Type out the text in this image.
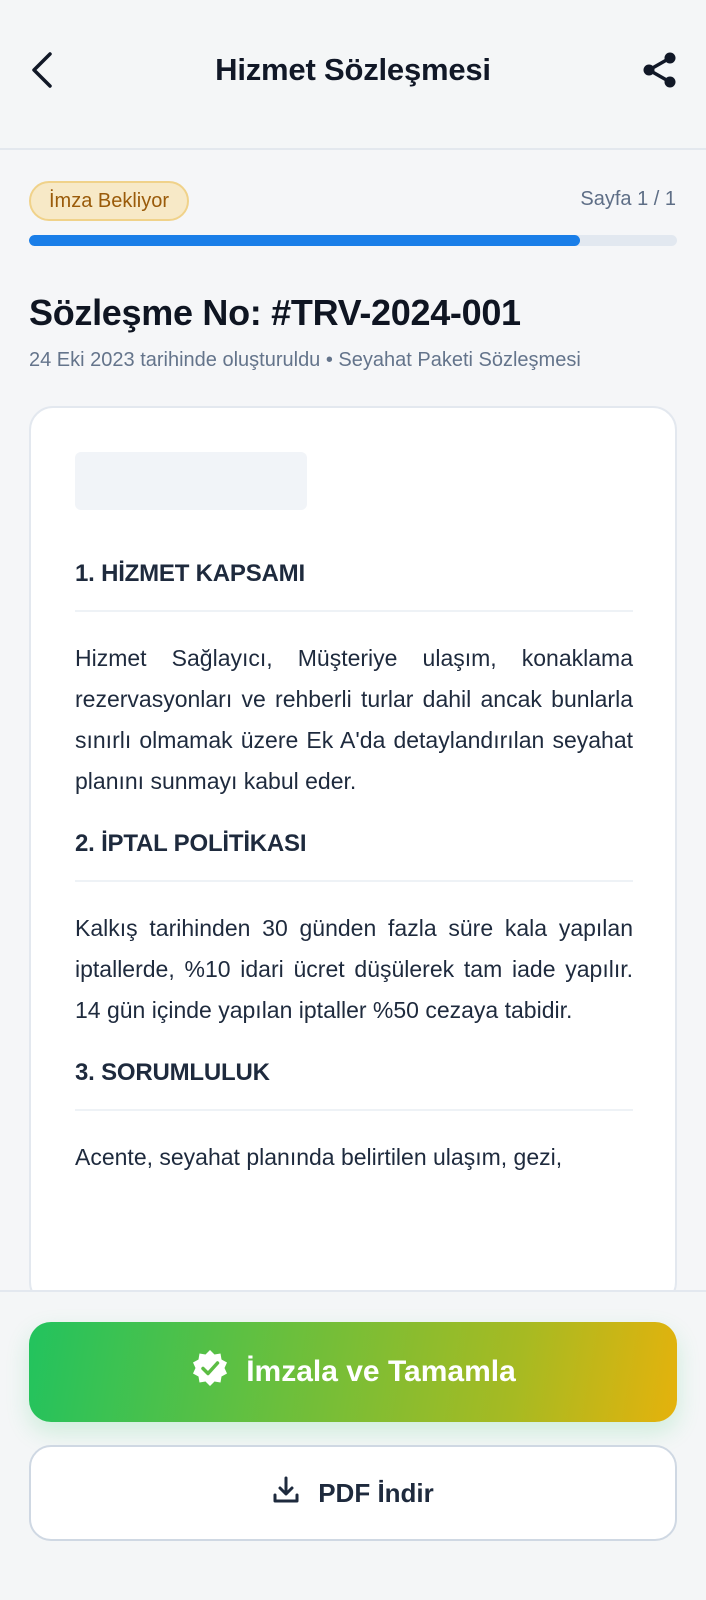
Hizmet Sözleşmesi
İmza Bekliyor	Sayfa 1 / 1
Sözleşme No: #TRV-2024-001
24 Eki 2023 tarihinde oluşturuldu • Seyahat Paketi Sözleşmesi
1. HİZMET KAPSAMI
Hizmet Sağlayıcı, Müşteriye ulaşım, konaklama rezervasyonları ve rehberli turlar dahil ancak bunlarla sınırlı olmamak üzere Ek A'da detaylandırılan seyahat planını sunmayı kabul eder.
2. İPTAL POLİTİKASI
Kalkış tarihinden 30 günden fazla süre kala yapılan iptallerde, %10 idari ücret düşülerek tam iade yapılır. 14 gün içinde yapılan iptaller %50 cezaya tabidir.
3. SORUMLULUK
Acente, seyahat planında belirtilen ulaşım, gezi,
İmzala ve Tamamla
PDF İndir
